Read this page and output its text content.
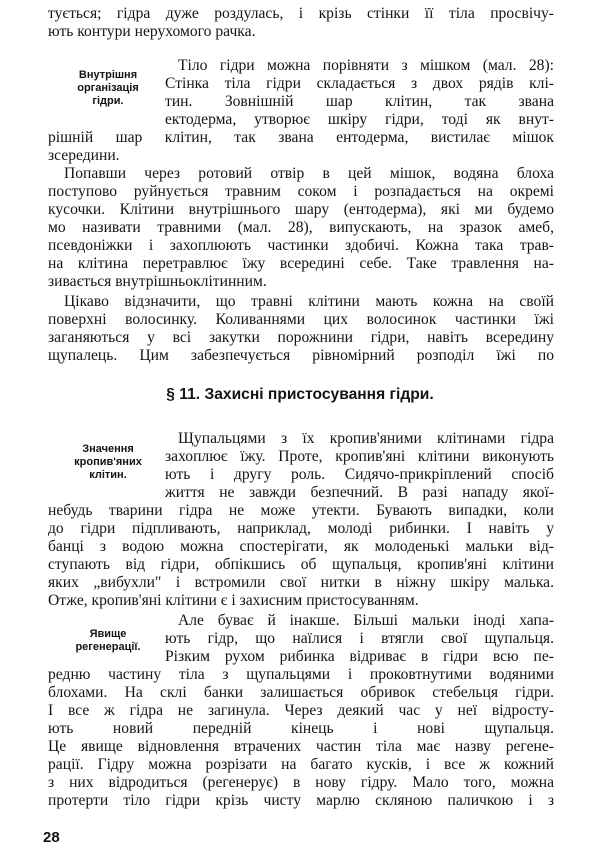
тується; гідра дуже роздулась, і крізь стінки її тіла просвічу-
ють контури нерухомого рачка.
Внутрішня
організація
гідри.
Тіло гідри можна порівняти з мішком (мал. 28):
Стінка тіла гідри складається з двох рядів клі-
тин. Зовнішній шар клітин, так звана
ектодерма, утворює шкіру гідри, тоді як внут-
рішній шар клітин, так звана ентодерма, вистилає мішок
зсередини.
Попавши через ротовий отвір в цей мішок, водяна блоха
поступово руйнується травним соком і розпадається на окремі
кусочки. Клітини внутрішнього шару (ентодерма), які ми будемо
мо називати травними (мал. 28), випускають, на зразок амеб,
псевдоніжки і захоплюють частинки здобичі. Кожна така трав-
на клітина перетравлює їжу всередині себе. Таке травлення на-
зивається внутрішньоклітинним.
Цікаво відзначити, що травні клітини мають кожна на своїй
поверхні волосинку. Коливаннями цих волосинок частинки їжі
заганяються у всі закутки порожнини гідри, навіть всередину
щупалець. Цим забезпечується рівномірний розподіл їжі по
§ 11. Захисні пристосування гідри.
Значення
кропив'яних
клітин.
Щупальцями з їх кропив'яними клітинами гідра
захоплює їжу. Проте, кропив'яні клітини виконують
ють і другу роль. Сидячо-прикріплений спосіб
життя не завжди безпечний. В разі нападу якої-
небудь тварини гідра не може утекти. Бувають випадки, коли
до гідри підпливають, наприклад, молоді рибинки. І навіть у
банці з водою можна спостерігати, як молоденькі мальки від-
ступають від гідри, обпікшись об щупальця, кропив'яні клітини
яких „вибухли" і встромили свої нитки в ніжну шкіру малька.
Отже, кропив'яні клітини є і захисним пристосуванням.
Явище
регенерації.
Але буває й інакше. Більші мальки іноді хапа-
ють гідр, що наїлися і втягли свої щупальця.
Різким рухом рибинка відриває в гідри всю пе-
редню частину тіла з щупальцями і проковтнутими водяними
блохами. На склі банки залишається обривок стебельця гідри.
І все ж гідра не загинула. Через деякий час у неї відросту-
ють новий передній кінець і нові щупальця.
Це явище відновлення втрачених частин тіла має назву регене-
рації. Гідру можна розрізати на багато кусків, і все ж кожний
з них відродиться (регенерує) в нову гідру. Мало того, можна
протерти тіло гідри крізь чисту марлю скляною паличкою і з
28
